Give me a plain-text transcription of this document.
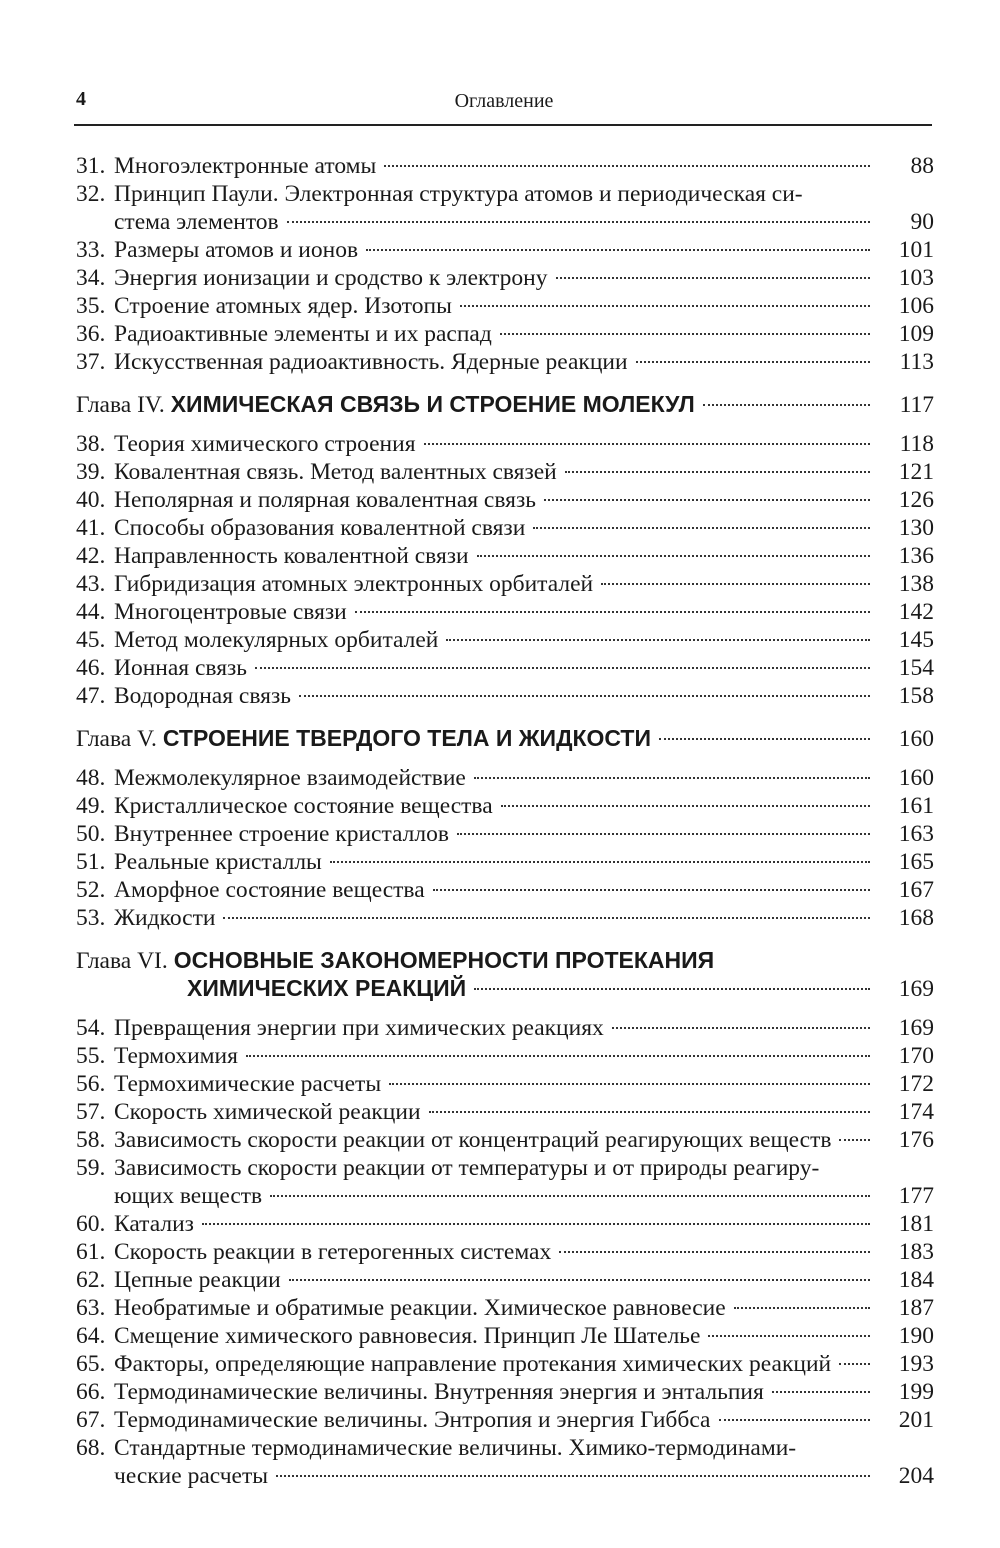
4	Оглавление
31. Многоэлектронные атомы	88
32. Принцип Паули. Электронная структура атомов и периодическая си-
стема элементов	90
33. Размеры атомов и ионов	101
34. Энергия ионизации и сродство к электрону	103
35. Строение атомных ядер. Изотопы	106
36. Радиоактивные элементы и их распад	109
37. Искусственная радиоактивность. Ядерные реакции	113
Глава IV. ХИМИЧЕСКАЯ СВЯЗЬ И СТРОЕНИЕ МОЛЕКУЛ	117
38. Теория химического строения	118
39. Ковалентная связь. Метод валентных связей	121
40. Неполярная и полярная ковалентная связь	126
41. Способы образования ковалентной связи	130
42. Направленность ковалентной связи	136
43. Гибридизация атомных электронных орбиталей	138
44. Многоцентровые связи	142
45. Метод молекулярных орбиталей	145
46. Ионная связь	154
47. Водородная связь	158
Глава V. СТРОЕНИЕ ТВЕРДОГО ТЕЛА И ЖИДКОСТИ	160
48. Межмолекулярное взаимодействие	160
49. Кристаллическое состояние вещества	161
50. Внутреннее строение кристаллов	163
51. Реальные кристаллы	165
52. Аморфное состояние вещества	167
53. Жидкости	168
Глава VI. ОСНОВНЫЕ ЗАКОНОМЕРНОСТИ ПРОТЕКАНИЯ
ХИМИЧЕСКИХ РЕАКЦИЙ	169
54. Превращения энергии при химических реакциях	169
55. Термохимия	170
56. Термохимические расчеты	172
57. Скорость химической реакции	174
58. Зависимость скорости реакции от концентраций реагирующих веществ	176
59. Зависимость скорости реакции от температуры и от природы реагиру-
ющих веществ	177
60. Катализ	181
61. Скорость реакции в гетерогенных системах	183
62. Цепные реакции	184
63. Необратимые и обратимые реакции. Химическое равновесие	187
64. Смещение химического равновесия. Принцип Ле Шателье	190
65. Факторы, определяющие направление протекания химических реакций	193
66. Термодинамические величины. Внутренняя энергия и энтальпия	199
67. Термодинамические величины. Энтропия и энергия Гиббса	201
68. Стандартные термодинамические величины. Химико-термодинами-
ческие расчеты	204
